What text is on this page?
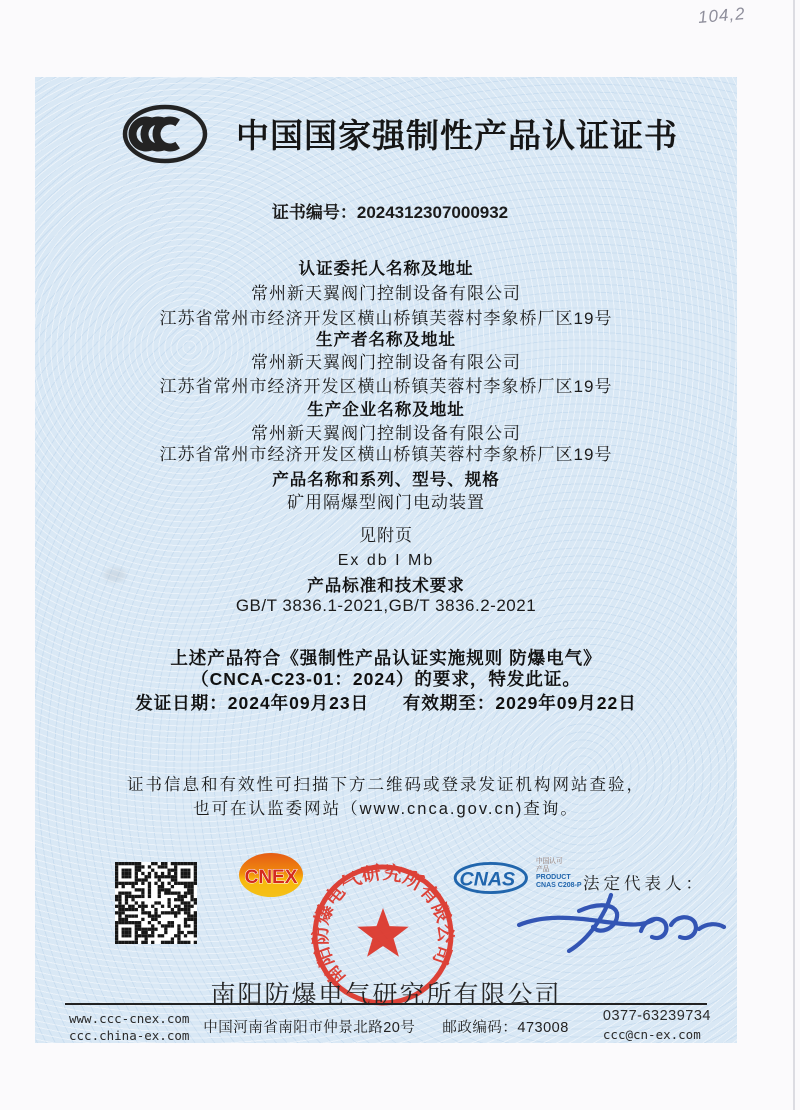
104,2
中国国家强制性产品认证证书
证书编号：2024312307000932
认证委托人名称及地址
常州新天翼阀门控制设备有限公司
江苏省常州市经济开发区横山桥镇芙蓉村李象桥厂区19号
生产者名称及地址
常州新天翼阀门控制设备有限公司
江苏省常州市经济开发区横山桥镇芙蓉村李象桥厂区19号
生产企业名称及地址
常州新天翼阀门控制设备有限公司
江苏省常州市经济开发区横山桥镇芙蓉村李象桥厂区19号
产品名称和系列、型号、规格
矿用隔爆型阀门电动装置
见附页
Ex db I Mb
产品标准和技术要求
GB/T 3836.1-2021,GB/T 3836.2-2021
上述产品符合《强制性产品认证实施规则 防爆电气》
（CNCA-C23-01：2024）的要求，特发此证。
发证日期：2024年09月23日 有效期至：2029年09月22日
证书信息和有效性可扫描下方二维码或登录发证机构网站查验，
也可在认监委网站（www.cnca.gov.cn)查询。
CNEX
南阳防爆电气研究所有限公司
CNAS
中国认可
产品
PRODUCT
CNAS C208-P 法定代表人：
南阳防爆电气研究所有限公司
www.ccc-cnex.com
ccc.china-ex.com 中国河南省南阳市仲景北路20号 邮政编码：473008
0377-63239734
ccc@cn-ex.com
